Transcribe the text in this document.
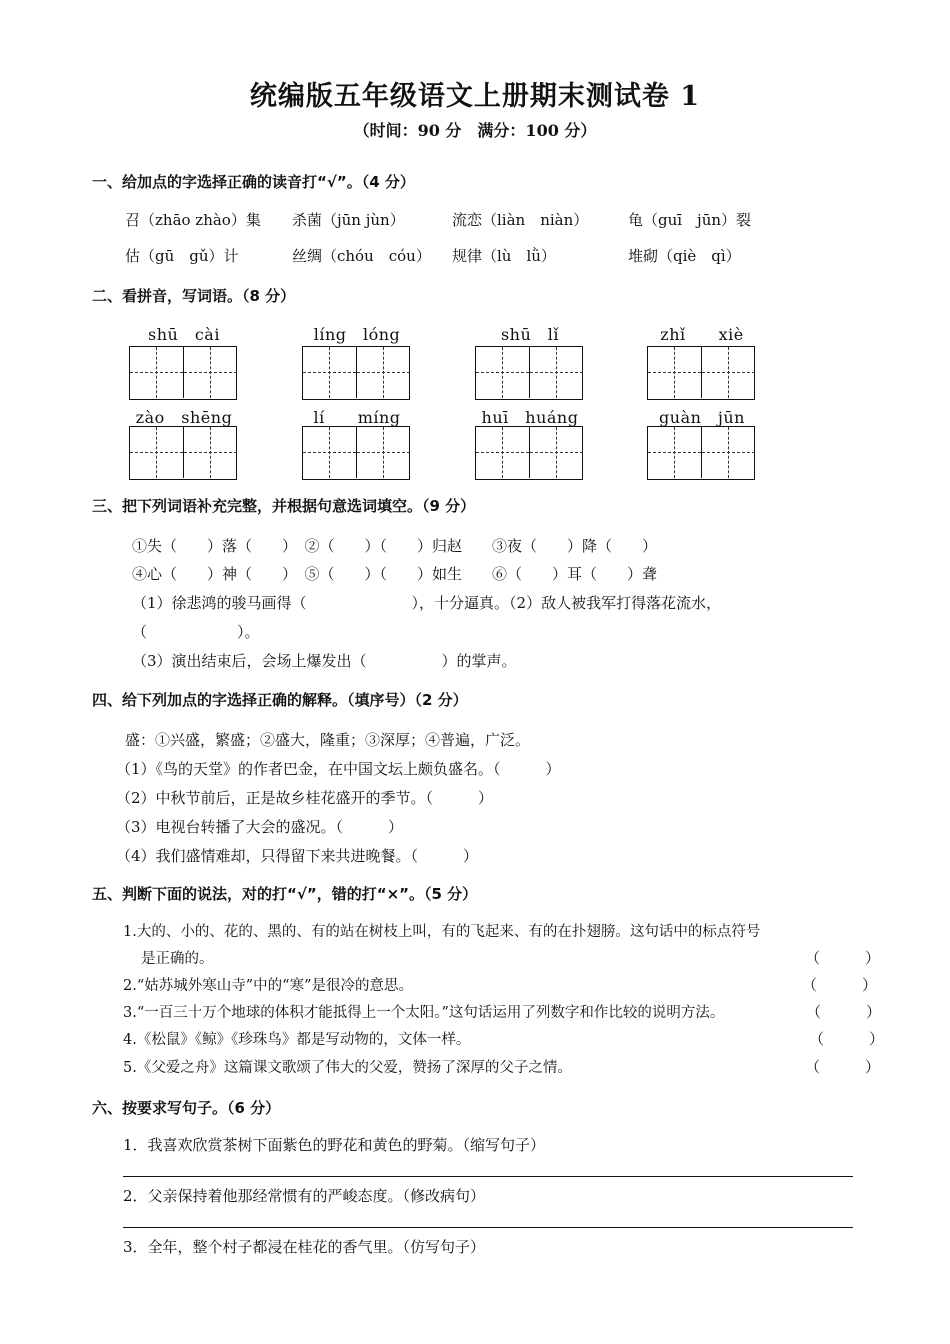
统编版五年级语文上册期末测试卷 1
（时间：90 分　满分：100 分）
一、给加点的字选择正确的读音打“√”。（4 分）
召（zhāo zhào）集 杀菌（jūn jùn）	流恋（liàn　niàn）	龟（guī　jūn）裂
估（gū　gǔ）计	丝绸（chóu　cóu） 规律（lù　lǜ）	堆砌（qiè　qì）
二、看拼音，写词语。（8 分）
shū　cài	líng　lóng	shū　lǐ	zhǐ　　xiè
zào　shēng	lí　　míng	huī　huáng	guàn　jūn
三、把下列词语补充完整，并根据句意选词填空。（9 分）
①失（　　）落（　　）　②（　　）（　　）归赵　　③夜（　　）降（　　）
④心（　　）神（　　）　⑤（　　）（　　）如生　　⑥（　　）耳（　　）聋
（1）徐悲鸿的骏马画得（　　　　　　　），十分逼真。（2）敌人被我军打得落花流水，
（　　　　　　）。
（3）演出结束后，会场上爆发出（　　　　　）的掌声。
四、给下列加点的字选择正确的解释。（填序号）（2 分）
盛：①兴盛，繁盛；②盛大，隆重；③深厚；④普遍，广泛。
（1）《鸟的天堂》的作者巴金，在中国文坛上颇负盛名。（　　　）
（2）中秋节前后，正是故乡桂花盛开的季节。（　　　）
（3）电视台转播了大会的盛况。（　　　）
（4）我们盛情难却，只得留下来共进晚餐。（　　　）
五、判断下面的说法，对的打“√”，错的打“×”。（5 分）
1.大的、小的、花的、黑的、有的站在树枝上叫，有的飞起来、有的在扑翅膀。这句话中的标点符号
是正确的。	（　　　）
2.“姑苏城外寒山寺”中的“寒”是很冷的意思。	（　　　）
3.“一百三十万个地球的体积才能抵得上一个太阳。”这句话运用了列数字和作比较的说明方法。	（　　　）
4.《松鼠》《鲸》《珍珠鸟》都是写动物的，文体一样。	（　　　）
5.《父爱之舟》这篇课文歌颂了伟大的父爱，赞扬了深厚的父子之情。	（　　　）
六、按要求写句子。（6 分）
1．我喜欢欣赏茶树下面紫色的野花和黄色的野菊。（缩写句子）
2．父亲保持着他那经常惯有的严峻态度。（修改病句）
3．全年，整个村子都浸在桂花的香气里。（仿写句子）
